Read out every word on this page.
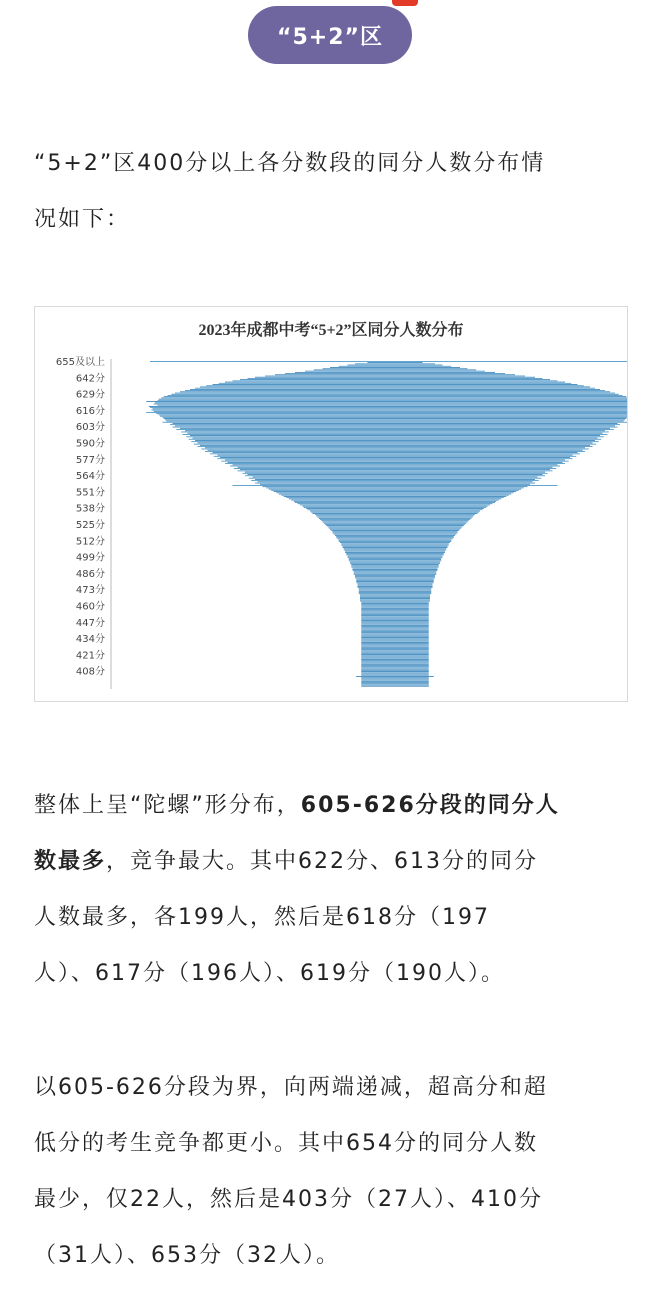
“5+2”区
“5+2”区400分以上各分数段的同分人数分布情
况如下：
2023年成都中考“5+2”区同分人数分布
655及以上
642分
629分
616分
603分
590分
577分
564分
551分
538分
525分
512分
499分
486分
473分
460分
447分
434分
421分
408分
整体上呈“陀螺”形分布，605-626分段的同分人
数最多，竞争最大。其中622分、613分的同分
人数最多，各199人，然后是618分（197
人）、617分（196人）、619分（190人）。
以605-626分段为界，向两端递减，超高分和超
低分的考生竞争都更小。其中654分的同分人数
最少，仅22人，然后是403分（27人）、410分
（31人）、653分（32人）。
